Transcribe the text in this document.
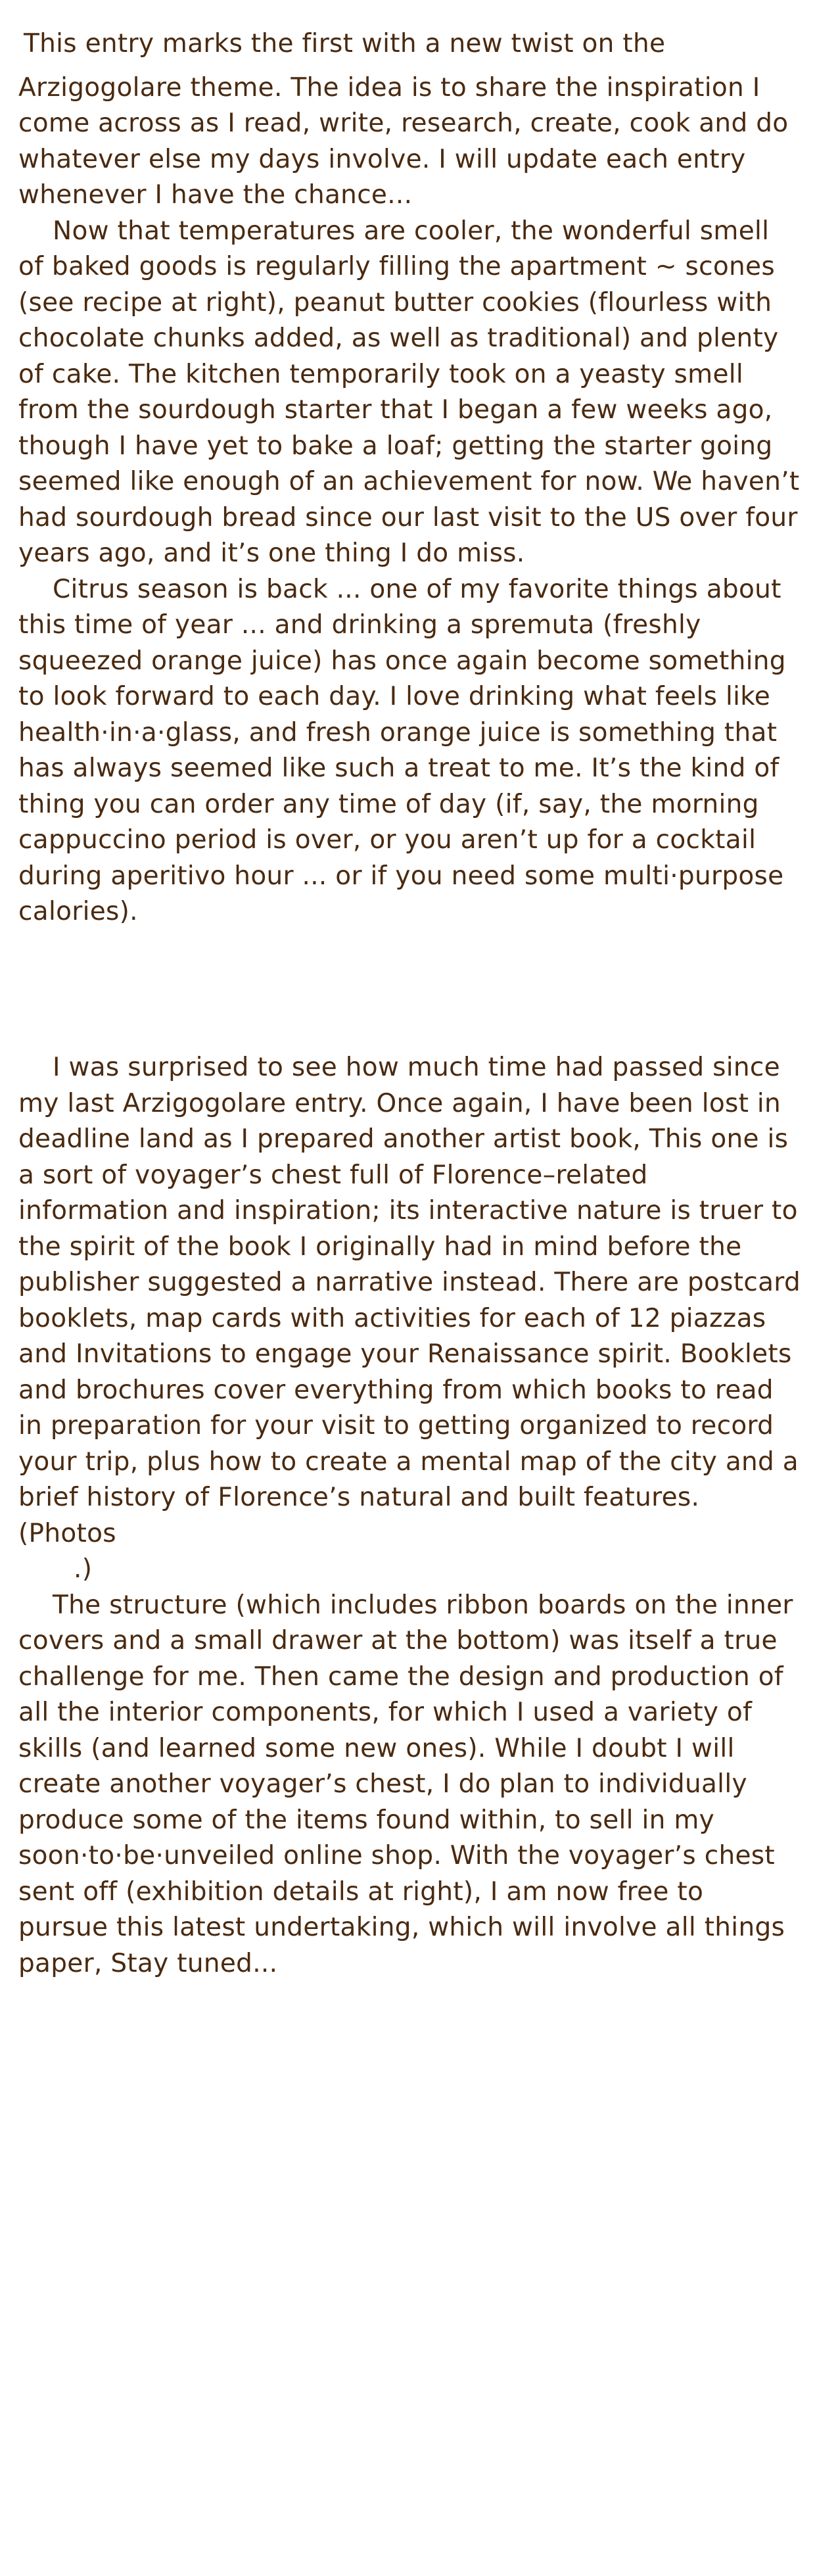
This entry marks the first with a new twist on the

Arzigogolare theme. The idea is to share the inspiration I come across as I read, write, research, create, cook and do whatever else my days involve. I will update each entry whenever I have the chance...

Now that temperatures are cooler, the wonderful smell of baked goods is regularly filling the apartment ~ scones (see recipe at right), peanut butter cookies (flourless with chocolate chunks added, as well as traditional) and plenty of cake. The kitchen temporarily took on a yeasty smell from the sourdough starter that I began a few weeks ago, though I have yet to bake a loaf; getting the starter going seemed like enough of an achievement for now. We haven’t had sourdough bread since our last visit to the US over four years ago, and it’s one thing I do miss.

Citrus season is back ... one of my favorite things about this time of year ... and drinking a spremuta (freshly squeezed orange juice) has once again become something to look forward to each day. I love drinking what feels like health·in·a·glass, and fresh orange juice is something that has always seemed like such a treat to me. It’s the kind of thing you can order any time of day (if, say, the morning cappuccino period is over, or you aren’t up for a cocktail during aperitivo hour ... or if you need some multi·purpose calories).

I was surprised to see how much time had passed since my last Arzigogolare entry. Once again, I have been lost in deadline land as I prepared another artist book, This one is a sort of voyager’s chest full of Florence–related information and inspiration; its interactive nature is truer to the spirit of the book I originally had in mind before the publisher suggested a narrative instead. There are postcard booklets, map cards with activities for each of 12 piazzas and Invitations to engage your Renaissance spirit. Booklets and brochures cover everything from which books to read in preparation for your visit to getting organized to record your trip, plus how to create a mental map of the city and a brief history of Florence’s natural and built features. (Photos

.)

The structure (which includes ribbon boards on the inner covers and a small drawer at the bottom) was itself a true challenge for me. Then came the design and production of all the interior components, for which I used a variety of skills (and learned some new ones). While I doubt I will create another voyager’s chest, I do plan to individually produce some of the items found within, to sell in my soon·to·be·unveiled online shop. With the voyager’s chest sent off (exhibition details at right), I am now free to pursue this latest undertaking, which will involve all things paper, Stay tuned...
